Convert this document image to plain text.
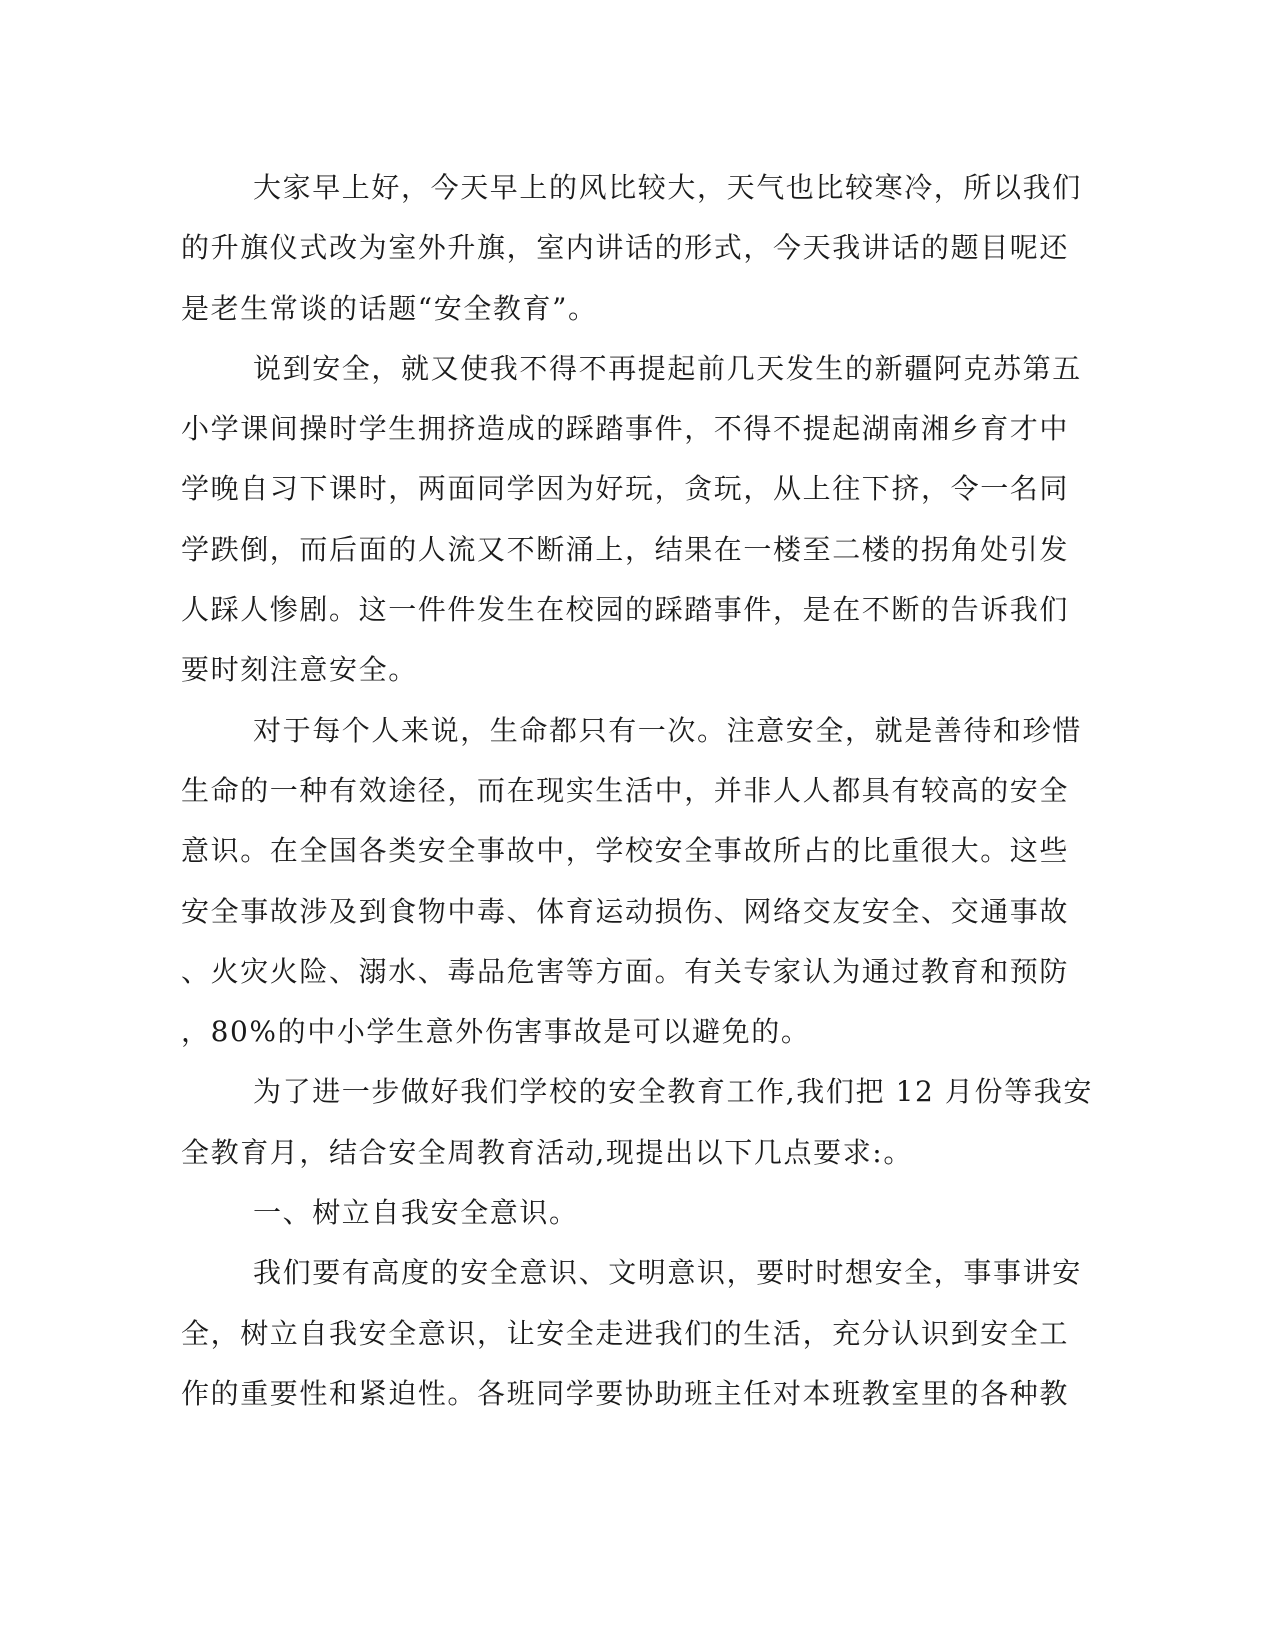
大家早上好，今天早上的风比较大，天气也比较寒冷，所以我们
的升旗仪式改为室外升旗，室内讲话的形式，今天我讲话的题目呢还
是老生常谈的话题“安全教育”。
说到安全，就又使我不得不再提起前几天发生的新疆阿克苏第五
小学课间操时学生拥挤造成的踩踏事件，不得不提起湖南湘乡育才中
学晚自习下课时，两面同学因为好玩，贪玩，从上往下挤，令一名同
学跌倒，而后面的人流又不断涌上，结果在一楼至二楼的拐角处引发
人踩人惨剧。这一件件发生在校园的踩踏事件，是在不断的告诉我们
要时刻注意安全。
对于每个人来说，生命都只有一次。注意安全，就是善待和珍惜
生命的一种有效途径，而在现实生活中，并非人人都具有较高的安全
意识。在全国各类安全事故中，学校安全事故所占的比重很大。这些
安全事故涉及到食物中毒、体育运动损伤、网络交友安全、交通事故
、火灾火险、溺水、毒品危害等方面。有关专家认为通过教育和预防
，80%的中小学生意外伤害事故是可以避免的。
为了进一步做好我们学校的安全教育工作,我们把 12 月份等我安
全教育月，结合安全周教育活动,现提出以下几点要求:。
一、树立自我安全意识。
我们要有高度的安全意识、文明意识，要时时想安全，事事讲安
全，树立自我安全意识，让安全走进我们的生活，充分认识到安全工
作的重要性和紧迫性。各班同学要协助班主任对本班教室里的各种教
